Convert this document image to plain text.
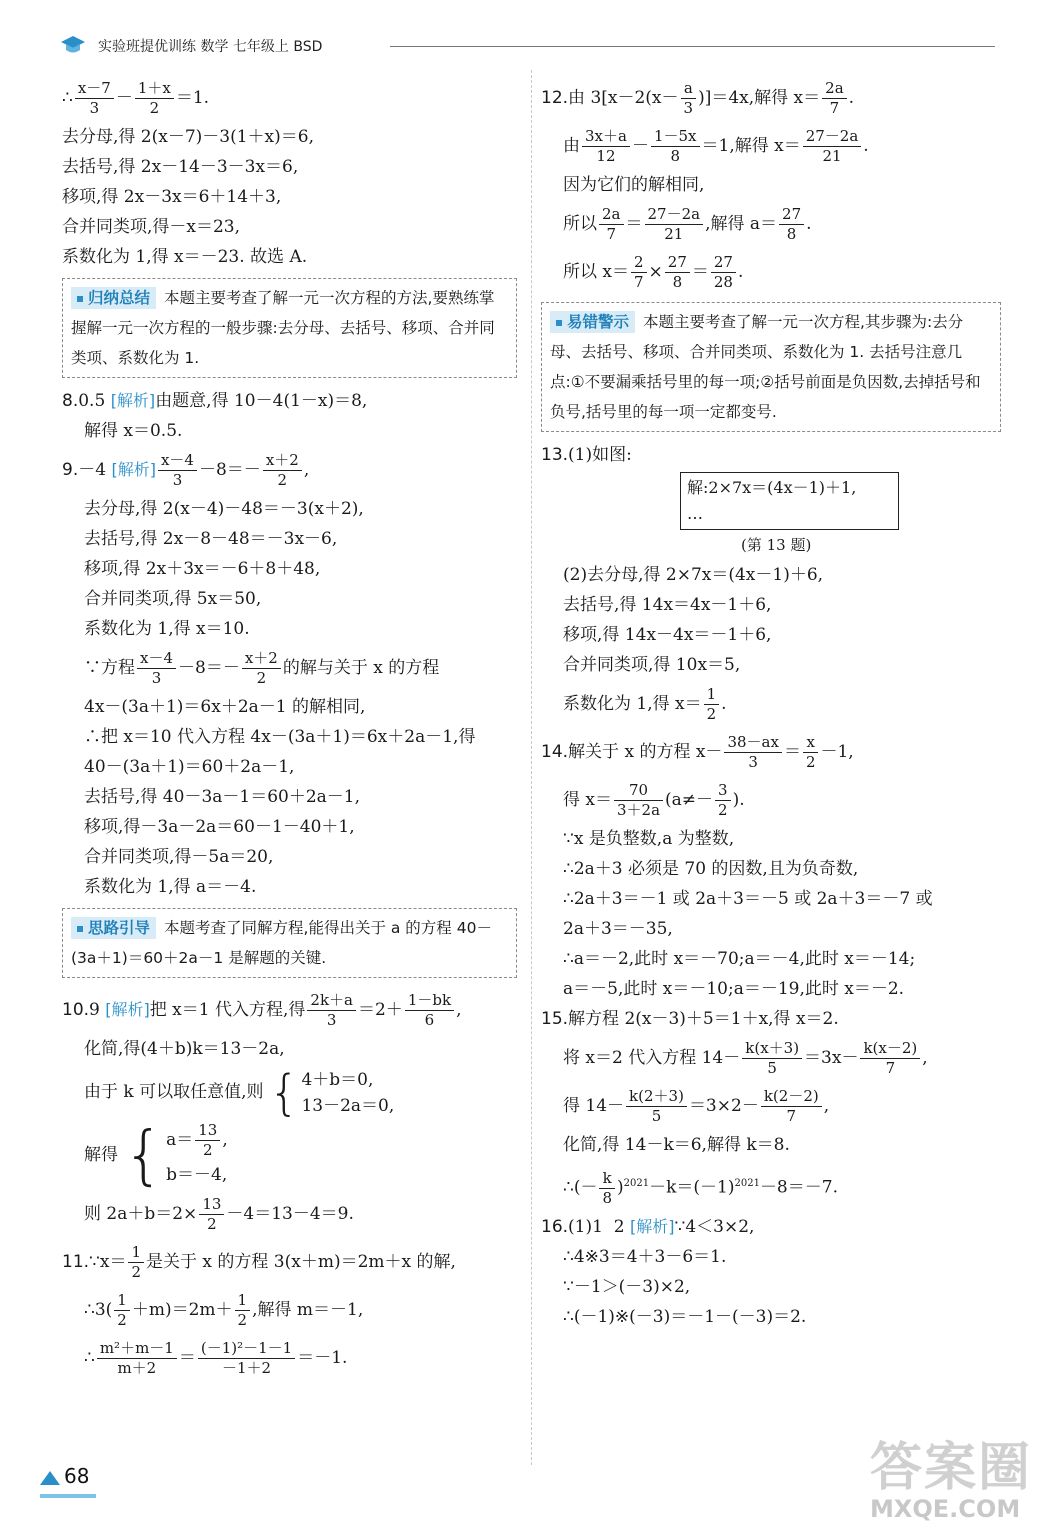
实验班提优训练 数学 七年级上 BSD
∴ $\frac{x-7}{3} - \frac{1+x}{2} =1$.
去分母,得 2(x－7)－3(1＋x)＝6,
去括号,得 2x－14－3－3x＝6,
移项,得 2x－3x＝6＋14＋3,
合并同类项,得－x＝23,
系数化为 1,得 x＝－23. 故选 A.
归纳总结 本题主要考查了解一元一次方程的方法,要熟练掌握解一元一次方程的一般步骤:去分母、去括号、移项、合并同类项、系数化为 1.
8.0.5 [解析]由题意,得 10－4(1－x)＝8,
解得 x＝0.5.
9.－4 [解析] $\frac{x-4}{3} -8=- \frac{x+2}{2}$ ,
去分母,得 2(x－4)－48＝－3(x＋2),
去括号,得 2x－8－48＝－3x－6,
移项,得 2x＋3x＝－6＋8＋48,
合并同类项,得 5x＝50,
系数化为 1,得 x＝10.
∵方程 $\frac{x-4}{3} -8=- \frac{x+2}{2}$ 的解与关于 x 的方程
4x－(3a＋1)＝6x＋2a－1 的解相同,
∴把 x＝10 代入方程 4x－(3a＋1)＝6x＋2a－1,得
40－(3a＋1)＝60＋2a－1,
去括号,得 40－3a－1＝60＋2a－1,
移项,得－3a－2a＝60－1－40＋1,
合并同类项,得－5a＝20,
系数化为 1,得 a＝－4.
思路引导 本题考查了同解方程,能得出关于 a 的方程 40－(3a＋1)＝60＋2a－1 是解题的关键.
10.9 [解析]把 x＝1 代入方程,得 $\frac{2k+a}{3} =2+ \frac{1-bk}{6}$ ,
化简,得(4＋b)k＝13－2a,
由于 k 可以取任意值,则 { 4＋b＝0,
13－2a＝0,
解得 { $a= \frac{13}{2}$ ,
b＝－4,
则 $2a+b=2\times \frac{13}{2} -4=13-4=9$.
11.∵x＝ $\frac{1}{2}$ 是关于 x 的方程 3(x＋m)＝2m＋x 的解,
∴3( $\frac{1}{2} +m)=2m+ \frac{1}{2}$ ,解得 m＝－1,
∴ $\frac{\text{m²＋m－1}}{m+2} = \frac{\text{(－1)²－1－1}}{-1+2} =-1$.
12.由 $3[x-2(x- \frac{a}{3} )]=4x$,解得 $x= \frac{2a}{7}$ .
由 $\frac{3x+a}{12} - \frac{1-5x}{8} =1$,解得 $x= \frac{27-2a}{21}$ .
因为它们的解相同,
所以 $\frac{2a}{7} = \frac{27-2a}{21}$ ,解得 $a= \frac{27}{8}$ .
所以 $x= \frac{2}{7} \times \frac{27}{8} = \frac{27}{28}$ .
易错警示 本题主要考查了解一元一次方程,其步骤为:去分母、去括号、移项、合并同类项、系数化为 1. 去括号注意几点:①不要漏乘括号里的每一项;②括号前面是负因数,去掉括号和负号,括号里的每一项一定都变号.
13.(1)如图:
解:2×7x＝(4x－1)＋1,
…
(第 13 题)
(2)去分母,得 2×7x＝(4x－1)＋6,
去括号,得 14x＝4x－1＋6,
移项,得 14x－4x＝－1＋6,
合并同类项,得 10x＝5,
系数化为 1,得 $x= \frac{1}{2}$ .
14.解关于 x 的方程 $x- \frac{38-ax}{3} = \frac{x}{2} -1$,
得 $x= \frac{70}{3+2a} (a\ne- \frac{3}{2}$ ).
∵x 是负整数,a 为整数,
∴2a＋3 必须是 70 的因数,且为负奇数,
∴2a＋3＝－1 或 2a＋3＝－5 或 2a＋3＝－7 或
2a＋3＝－35,
∴a＝－2,此时 x＝－70;a＝－4,此时 x＝－14;
a＝－5,此时 x＝－10;a＝－19,此时 x＝－2.
15.解方程 2(x－3)＋5＝1＋x,得 x＝2.
将 x＝2 代入方程 $14- \frac{k(x+3)}{5} =3x- \frac{k(x-2)}{7}$ ,
得 $14- \frac{k(2+3)}{5} =3\times 2- \frac{k(2-2)}{7}$ ,
化简,得 14－k＝6,解得 k＝8.
∴(－ $\frac{k}{8} )^{2021}-k=(-1)^{2021}-8=-7$.
16.(1)1 2 [解析]∵4＜3×2,
∴4※3＝4＋3－6＝1.
∵－1＞(－3)×2,
∴(－1)※(－3)＝－1－(－3)＝2.
68	答案圈
MXQE.COM
